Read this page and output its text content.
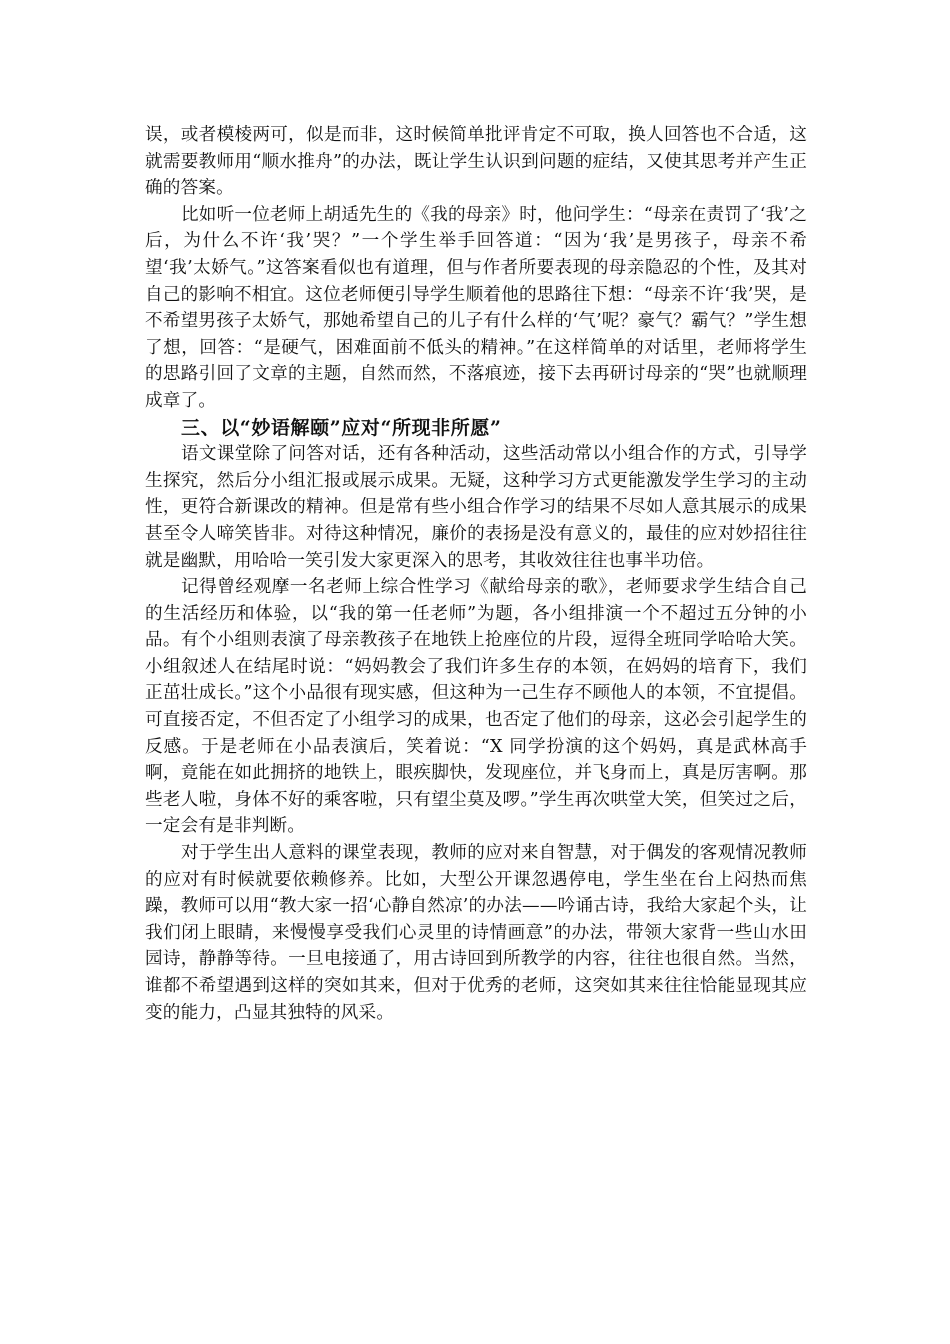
误，或者模棱两可，似是而非，这时候简单批评肯定不可取，换人回答也不合适，这就需要教师用“顺水推舟”的办法，既让学生认识到问题的症结，又使其思考并产生正确的答案。

比如听一位老师上胡适先生的《我的母亲》时，他问学生：“母亲在责罚了‘我’之后，为什么不许‘我’哭？”一个学生举手回答道：“因为‘我’是男孩子，母亲不希望‘我’太娇气。”这答案看似也有道理，但与作者所要表现的母亲隐忍的个性，及其对自己的影响不相宜。这位老师便引导学生顺着他的思路往下想：“母亲不许‘我’哭，是不希望男孩子太娇气，那她希望自己的儿子有什么样的‘气’呢？豪气？霸气？”学生想了想，回答：“是硬气，困难面前不低头的精神。”在这样简单的对话里，老师将学生的思路引回了文章的主题，自然而然，不落痕迹，接下去再研讨母亲的“哭”也就顺理成章了。

三、以“妙语解颐”应对“所现非所愿”

语文课堂除了问答对话，还有各种活动，这些活动常以小组合作的方式，引导学生探究，然后分小组汇报或展示成果。无疑，这种学习方式更能激发学生学习的主动性，更符合新课改的精神。但是常有些小组合作学习的结果不尽如人意其展示的成果甚至令人啼笑皆非。对待这种情况，廉价的表扬是没有意义的，最佳的应对妙招往往就是幽默，用哈哈一笑引发大家更深入的思考，其收效往往也事半功倍。

记得曾经观摩一名老师上综合性学习《献给母亲的歌》，老师要求学生结合自己的生活经历和体验，以“我的第一任老师”为题，各小组排演一个不超过五分钟的小品。有个小组则表演了母亲教孩子在地铁上抢座位的片段，逗得全班同学哈哈大笑。小组叙述人在结尾时说：“妈妈教会了我们许多生存的本领，在妈妈的培育下，我们正茁壮成长。”这个小品很有现实感，但这种为一己生存不顾他人的本领，不宜提倡。可直接否定，不但否定了小组学习的成果，也否定了他们的母亲，这必会引起学生的反感。于是老师在小品表演后，笑着说：“X 同学扮演的这个妈妈，真是武林高手啊，竟能在如此拥挤的地铁上，眼疾脚快，发现座位，并飞身而上，真是厉害啊。那些老人啦，身体不好的乘客啦，只有望尘莫及啰。”学生再次哄堂大笑，但笑过之后，一定会有是非判断。

对于学生出人意料的课堂表现，教师的应对来自智慧，对于偶发的客观情况教师的应对有时候就要依赖修养。比如，大型公开课忽遇停电，学生坐在台上闷热而焦躁，教师可以用“教大家一招‘心静自然凉’的办法——吟诵古诗，我给大家起个头，让我们闭上眼睛，来慢慢享受我们心灵里的诗情画意”的办法，带领大家背一些山水田园诗，静静等待。一旦电接通了，用古诗回到所教学的内容，往往也很自然。当然，谁都不希望遇到这样的突如其来，但对于优秀的老师，这突如其来往往恰能显现其应变的能力，凸显其独特的风采。
